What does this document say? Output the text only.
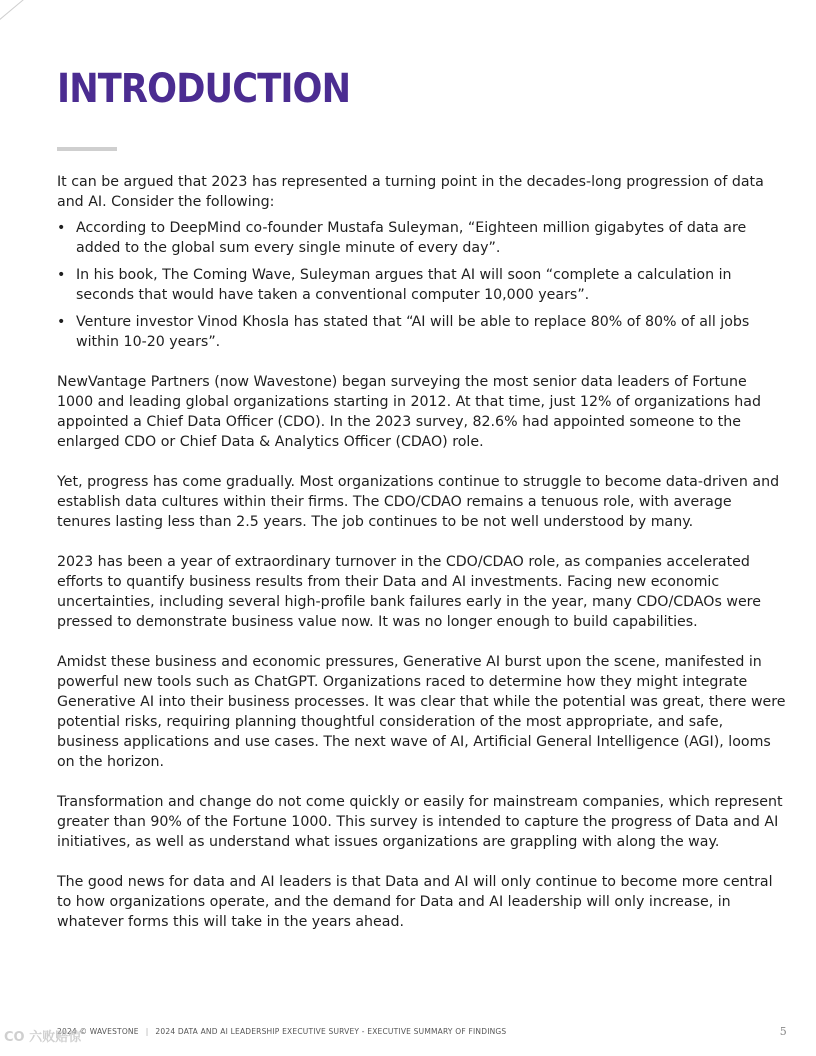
INTRODUCTION

It can be argued that 2023 has represented a turning point in the decades-long progression of data and AI. Consider the following:

• According to DeepMind co-founder Mustafa Suleyman, “Eighteen million gigabytes of data are added to the global sum every single minute of every day”.
• In his book, The Coming Wave, Suleyman argues that AI will soon “complete a calculation in seconds that would have taken a conventional computer 10,000 years”.
• Venture investor Vinod Khosla has stated that “AI will be able to replace 80% of 80% of all jobs within 10-20 years”.

NewVantage Partners (now Wavestone) began surveying the most senior data leaders of Fortune 1000 and leading global organizations starting in 2012. At that time, just 12% of organizations had appointed a Chief Data Officer (CDO). In the 2023 survey, 82.6% had appointed someone to the enlarged CDO or Chief Data & Analytics Officer (CDAO) role.

Yet, progress has come gradually. Most organizations continue to struggle to become data-driven and establish data cultures within their firms. The CDO/CDAO remains a tenuous role, with average tenures lasting less than 2.5 years. The job continues to be not well understood by many.

2023 has been a year of extraordinary turnover in the CDO/CDAO role, as companies accelerated efforts to quantify business results from their Data and AI investments. Facing new economic uncertainties, including several high-profile bank failures early in the year, many CDO/CDAOs were pressed to demonstrate business value now. It was no longer enough to build capabilities.

Amidst these business and economic pressures, Generative AI burst upon the scene, manifested in powerful new tools such as ChatGPT. Organizations raced to determine how they might integrate Generative AI into their business processes. It was clear that while the potential was great, there were potential risks, requiring planning thoughtful consideration of the most appropriate, and safe, business applications and use cases. The next wave of AI, Artificial General Intelligence (AGI), looms on the horizon.

Transformation and change do not come quickly or easily for mainstream companies, which represent greater than 90% of the Fortune 1000. This survey is intended to capture the progress of Data and AI initiatives, as well as understand what issues organizations are grappling with along the way.

The good news for data and AI leaders is that Data and AI will only continue to become more central to how organizations operate, and the demand for Data and AI leadership will only increase, in whatever forms this will take in the years ahead.

2024 © WAVESTONE | 2024 DATA AND AI LEADERSHIP EXECUTIVE SURVEY - EXECUTIVE SUMMARY OF FINDINGS	5
CO 六败赔惊
